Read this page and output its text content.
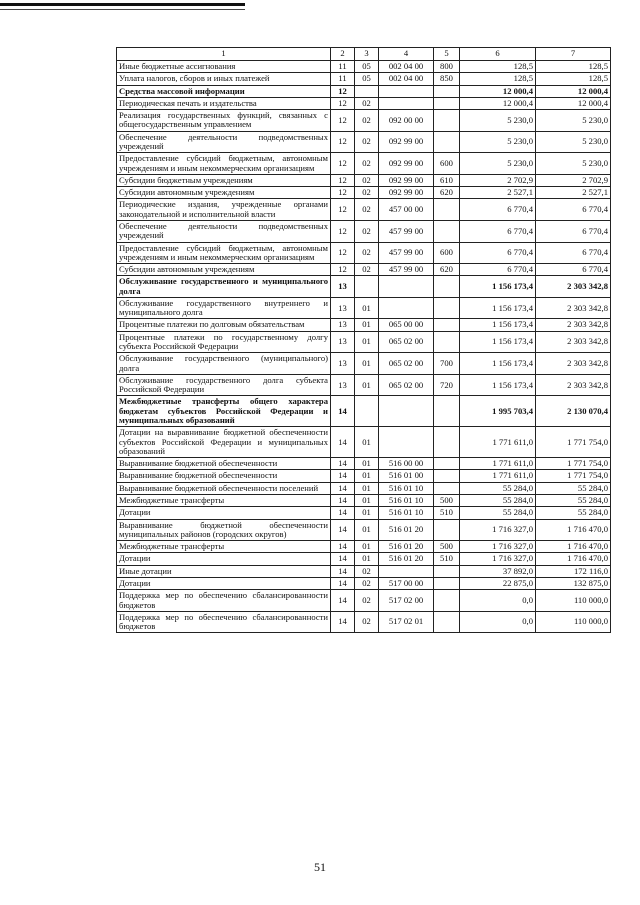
1	2	3	4	5	6	7
Иные бюджетные ассигнования	11	05	002 04 00	800	128,5	128,5
Уплата налогов, сборов и иных платежей	11	05	002 04 00	850	128,5	128,5
Средства массовой информации	12				12 000,4	12 000,4
Периодическая печать и издательства	12	02			12 000,4	12 000,4
Реализация государственных функций, связанных с общегосударственным управлением	12	02	092 00 00		5 230,0	5 230,0
Обеспечение деятельности подведомственных учреждений	12	02	092 99 00		5 230,0	5 230,0
Предоставление субсидий бюджетным, автономным учреждениям и иным некоммерческим организациям	12	02	092 99 00	600	5 230,0	5 230,0
Субсидии бюджетным учреждениям	12	02	092 99 00	610	2 702,9	2 702,9
Субсидии автономным учреждениям	12	02	092 99 00	620	2 527,1	2 527,1
Периодические издания, учрежденные органами законодательной и исполнительной власти	12	02	457 00 00		6 770,4	6 770,4
Обеспечение деятельности подведомственных учреждений	12	02	457 99 00		6 770,4	6 770,4
Предоставление субсидий бюджетным, автономным учреждениям и иным некоммерческим организациям	12	02	457 99 00	600	6 770,4	6 770,4
Субсидии автономным учреждениям	12	02	457 99 00	620	6 770,4	6 770,4
Обслуживание государственного и муниципального долга	13				1 156 173,4	2 303 342,8
Обслуживание государственного внутреннего и муниципального долга	13	01			1 156 173,4	2 303 342,8
Процентные платежи по долговым обязательствам	13	01	065 00 00		1 156 173,4	2 303 342,8
Процентные платежи по государственному долгу субъекта Российской Федерации	13	01	065 02 00		1 156 173,4	2 303 342,8
Обслуживание государственного (муниципального) долга	13	01	065 02 00	700	1 156 173,4	2 303 342,8
Обслуживание государственного долга субъекта Российской Федерации	13	01	065 02 00	720	1 156 173,4	2 303 342,8
Межбюджетные трансферты общего характера бюджетам субъектов Российской Федерации и муниципальных образований	14				1 995 703,4	2 130 070,4
Дотации на выравнивание бюджетной обеспеченности субъектов Российской Федерации и муниципальных образований	14	01			1 771 611,0	1 771 754,0
Выравнивание бюджетной обеспеченности	14	01	516 00 00		1 771 611,0	1 771 754,0
Выравнивание бюджетной обеспеченности	14	01	516 01 00		1 771 611,0	1 771 754,0
Выравнивание бюджетной обеспеченности поселений	14	01	516 01 10		55 284,0	55 284,0
Межбюджетные трансферты	14	01	516 01 10	500	55 284,0	55 284,0
Дотации	14	01	516 01 10	510	55 284,0	55 284,0
Выравнивание бюджетной обеспеченности муниципальных районов (городских округов)	14	01	516 01 20		1 716 327,0	1 716 470,0
Межбюджетные трансферты	14	01	516 01 20	500	1 716 327,0	1 716 470,0
Дотации	14	01	516 01 20	510	1 716 327,0	1 716 470,0
Иные дотации	14	02			37 892,0	172 116,0
Дотации	14	02	517 00 00		22 875,0	132 875,0
Поддержка мер по обеспечению сбалансированности бюджетов	14	02	517 02 00		0,0	110 000,0
Поддержка мер по обеспечению сбалансированности бюджетов	14	02	517 02 01		0,0	110 000,0
51
